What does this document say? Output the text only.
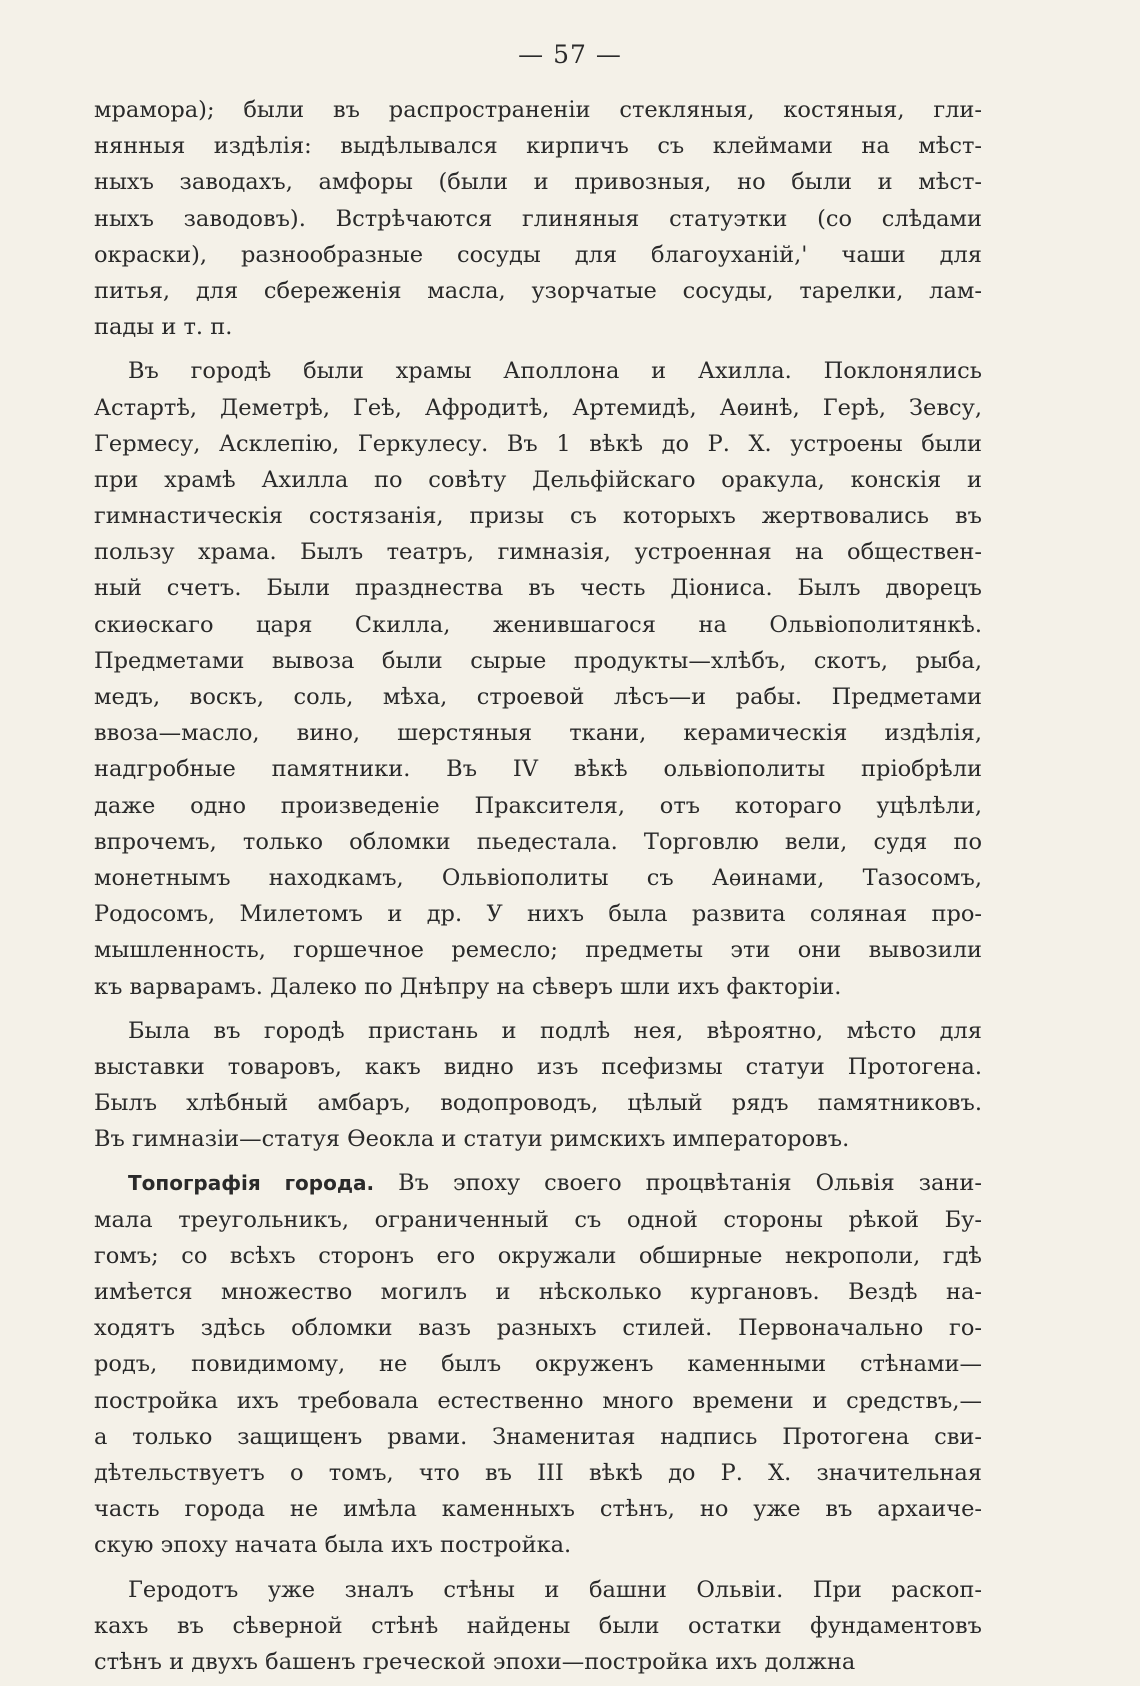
— 57 —
мрамора); были въ распространеніи стекляныя, костяныя, гли-
нянныя издѣлія: выдѣлывался кирпичъ съ клеймами на мѣст-
ныхъ заводахъ, амфоры (были и привозныя, но были и мѣст-
ныхъ заводовъ). Встрѣчаются глиняныя статуэтки (со слѣдами
окраски), разнообразные сосуды для благоуханій,' чаши для
питья, для сбереженія масла, узорчатые сосуды, тарелки, лам-
пады и т. п.
Въ городѣ были храмы Аполлона и Ахилла. Поклонялись
Астартѣ, Деметрѣ, Геѣ, Афродитѣ, Артемидѣ, Аѳинѣ, Герѣ, Зевсу,
Гермесу, Асклепію, Геркулесу. Въ 1 вѣкѣ до Р. Х. устроены были
при храмѣ Ахилла по совѣту Дельфійскаго оракула, конскія и
гимнастическія состязанія, призы съ которыхъ жертвовались въ
пользу храма. Былъ театръ, гимназія, устроенная на обществен-
ный счетъ. Были празднества въ честь Діониса. Былъ дворецъ
скиѳскаго царя Скилла, женившагося на Ольвіополитянкѣ.
Предметами вывоза были сырые продукты—хлѣбъ, скотъ, рыба,
медъ, воскъ, соль, мѣха, строевой лѣсъ—и рабы. Предметами
ввоза—масло, вино, шерстяныя ткани, керамическія издѣлія,
надгробные памятники. Въ IV вѣкѣ ольвіополиты пріобрѣли
даже одно произведеніе Праксителя, отъ котораго уцѣлѣли,
впрочемъ, только обломки пьедестала. Торговлю вели, судя по
монетнымъ находкамъ, Ольвіополиты съ Аѳинами, Тазосомъ,
Родосомъ, Милетомъ и др. У нихъ была развита соляная про-
мышленность, горшечное ремесло; предметы эти они вывозили
къ варварамъ. Далеко по Днѣпру на сѣверъ шли ихъ факторіи.
Была въ городѣ пристань и подлѣ нея, вѣроятно, мѣсто для
выставки товаровъ, какъ видно изъ псефизмы статуи Протогена.
Былъ хлѣбный амбаръ, водопроводъ, цѣлый рядъ памятниковъ.
Въ гимназіи—статуя Ѳеокла и статуи римскихъ императоровъ.
Топографія города. Въ эпоху своего процвѣтанія Ольвія зани-
мала треугольникъ, ограниченный съ одной стороны рѣкой Бу-
гомъ; со всѣхъ сторонъ его окружали обширные некрополи, гдѣ
имѣется множество могилъ и нѣсколько кургановъ. Вездѣ на-
ходятъ здѣсь обломки вазъ разныхъ стилей. Первоначально го-
родъ, повидимому, не былъ окруженъ каменными стѣнами—
постройка ихъ требовала естественно много времени и средствъ,—
а только защищенъ рвами. Знаменитая надпись Протогена сви-
дѣтельствуетъ о томъ, что въ III вѣкѣ до Р. Х. значительная
часть города не имѣла каменныхъ стѣнъ, но уже въ архаиче-
скую эпоху начата была ихъ постройка.
Геродотъ уже зналъ стѣны и башни Ольвіи. При раскоп-
кахъ въ сѣверной стѣнѣ найдены были остатки фундаментовъ
стѣнъ и двухъ башенъ греческой эпохи—постройка ихъ должна
